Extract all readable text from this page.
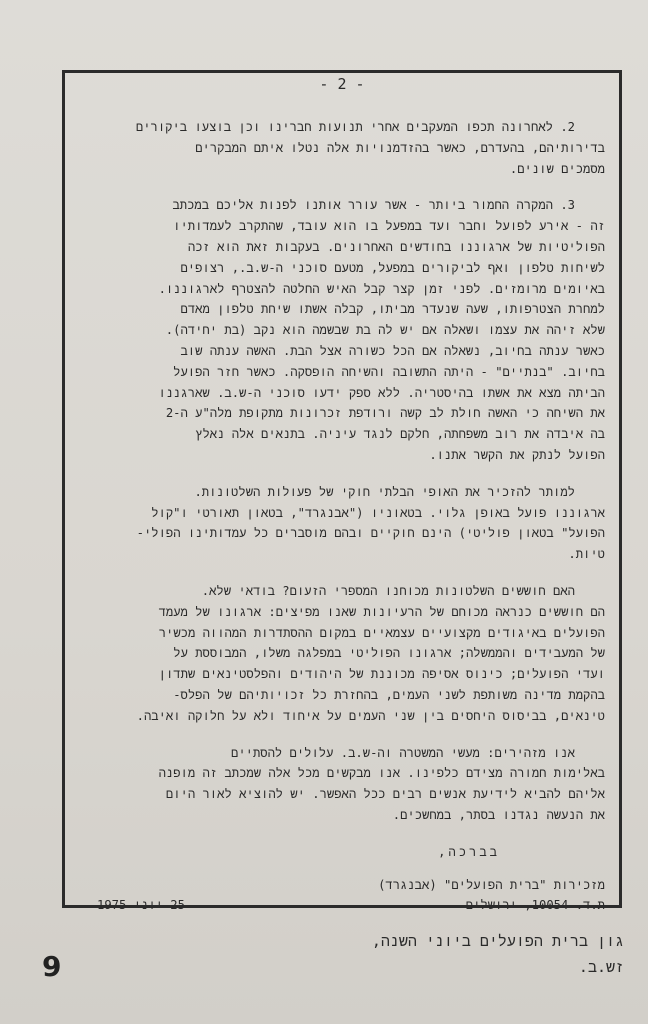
- 2 -
2.לאחרונה תכפו המעקבים אחרי תנועות חברינו וכן בוצעו ביקורים
בדירותיהם, בהעדרם, כאשר בהזדמנויות אלה נטלו איתם המבקרים
מסמכים שונים.
3.המקרה החמור ביותר - אשר עורר אותנו לפנות אליכם במכתב
זה - אירע לפועל וחבר ועד במפעל בו הוא עובד, שהתקרב לעמדותיו
הפוליטיות של ארגוננו בחודשים האחרונים. בעקבות זאת הוא זכה
לשיחות טלפון ואף לביקורים במפעל, מטעם סוכני ה-ש.ב., רצופים
באיומים מרומזים. לפני זמן קצר קבל האיש החלטה להצטרף לארגוננו.
למחרת הצטרפותו, שעה שנעדר מביתו, קבלה אשתו שיחת טלפון מאדם
שלא זיהה את עצמו ושאלה אם יש לה בת שבשמה הוא נקב (בת יחידה).
כאשר ענתה בחיוב, נשאלה אם הכל כשורה אצל הבת. האשה ענתה שוב
בחיוב. "בנתיים" - היתה התשובה והשיחה הופסקה. כאשר חזר הפועל
הביתה מצא את אשתו בהיסטריה. ללא ספק ידעו סוכני ה-ש.ב. שארגננו
את השיחה כי האשה חולת לב קשה ורודפת זכרונות מתקופת מלה"ע ה-2
בה איבדה את רוב משפחתה, חלקם לנגד עיניה. בתנאים אלה נאלץ
הפועל לנתק את הקשר אתנו.
למותר להזכיר את האופי הבלתי חוקי של פעולות השלטונות.
ארגוננו פועל באופן גלוי. בטאוניו ("אבנגרד", בטאון תאורטי ו"קול
הפועל" בטאון פוליטי) הינם חוקיים ובהם מוסברים כל עמדותינו הפולי-
טיות.
האם חוששים השלטונות מכוחנו המספרי הזעום? בודאי שלא.
הם חוששים כנראה מכוחם של הרעיונות שאנו מפיצים: ארגונו של מעמד
הפועלים באיגודים מקצועיים עצמאיים במקום ההסתדרות המהווה מכשיר
של המעבידים והממשלה; ארגונו הפוליטי במפלגה משלו, המבוססת על
ועדי הפועלים; כינוס אסיפה מכוננת של היהודים והפלסטינאים שתדון
בהקמת מדינה משותפת לשני העמים, בהחזרת כל זכויותיהם של הפלס-
טינאים, בביסוס היחסים בין שני העמים על איחוד ולא על חלוקה ואיבה.
אנו מזהירים: מעשי המשטרה וה-ש.ב. עלולים להסתיים
באלימות חמורה מצידם כלפינו. אנו מבקשים מכל אלה שמכתב זה מופנה
אליהם להביא לידיעת אנשים רבים ככל האפשר. יש להוציא לאור היום
את הנעשה נגדנו בסתר, במחשכים.
בברכה,
מזכירות "ברית הפועלים" (אבנגרד)
ת.ד. 10054, ירושלים
25 יוני 1975
גון ברית הפועלים ביוני השנה,
זש.ב.
9
